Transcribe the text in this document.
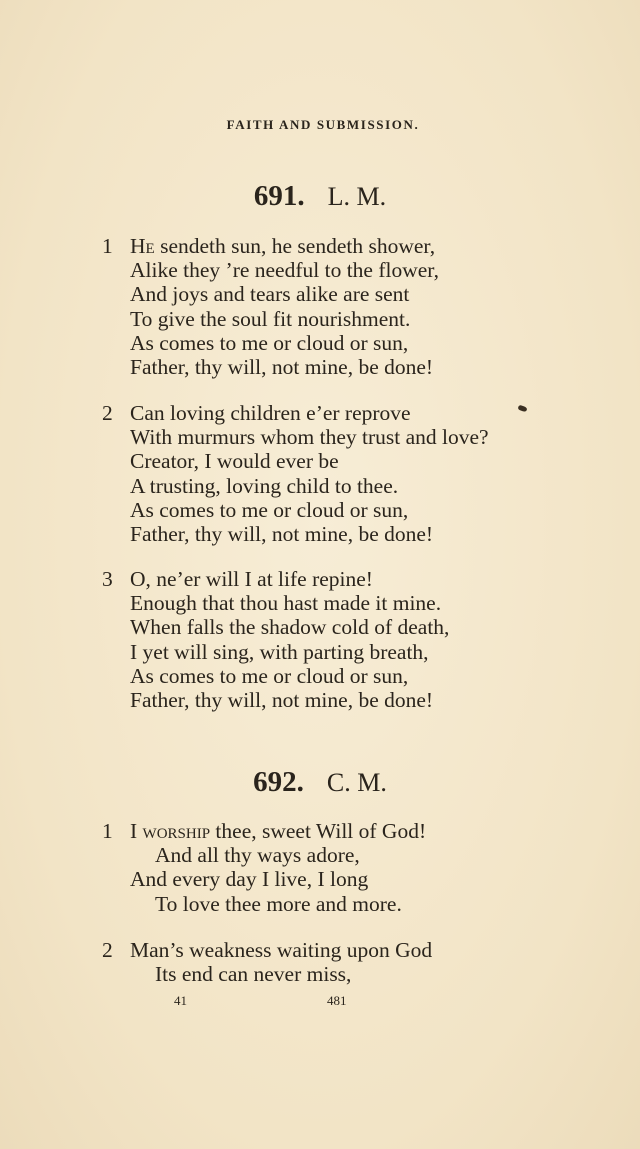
FAITH AND SUBMISSION.
691. L. M.
1 He sendeth sun, he sendeth shower,
Alike they ’re needful to the flower,
And joys and tears alike are sent
To give the soul fit nourishment.
As comes to me or cloud or sun,
Father, thy will, not mine, be done!
2 Can loving children e’er reprove
With murmurs whom they trust and love?
Creator, I would ever be
A trusting, loving child to thee.
As comes to me or cloud or sun,
Father, thy will, not mine, be done!
3 O, ne’er will I at life repine!
Enough that thou hast made it mine.
When falls the shadow cold of death,
I yet will sing, with parting breath,
As comes to me or cloud or sun,
Father, thy will, not mine, be done!
692. C. M.
1 I worship thee, sweet Will of God!
And all thy ways adore,
And every day I live, I long
To love thee more and more.
2 Man’s weakness waiting upon God
Its end can never miss,
41	481
